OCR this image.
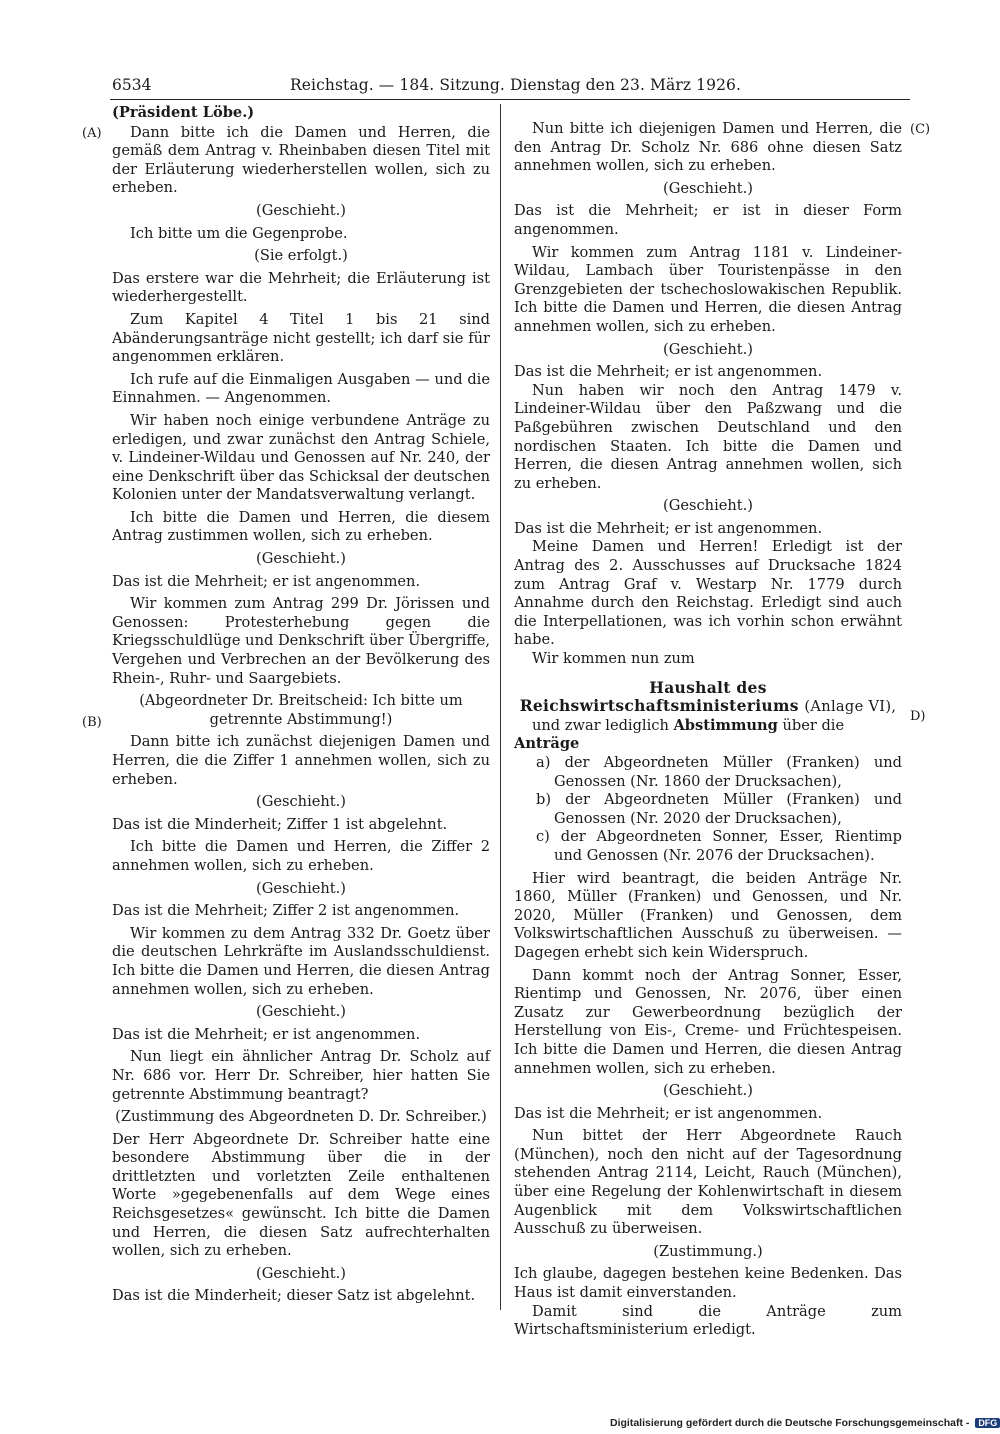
6534	Reichstag. — 184. Sitzung. Dienstag den 23. März 1926.
(A)
(B)
(C)
D)

(Präsident Löbe.)

Dann bitte ich die Damen und Herren, die gemäß dem Antrag v. Rheinbaben diesen Titel mit der Erläuterung wiederherstellen wollen, sich zu erheben.

(Geschieht.)

Ich bitte um die Gegenprobe.

(Sie erfolgt.)

Das erstere war die Mehrheit; die Erläuterung ist wiederhergestellt.

Zum Kapitel 4 Titel 1 bis 21 sind Abänderungsanträge nicht gestellt; ich darf sie für angenommen erklären.

Ich rufe auf die Einmaligen Ausgaben — und die Einnahmen. — Angenommen.

Wir haben noch einige verbundene Anträge zu erledigen, und zwar zunächst den Antrag Schiele, v. Lindeiner-Wildau und Genossen auf Nr. 240, der eine Denkschrift über das Schicksal der deutschen Kolonien unter der Mandatsverwaltung verlangt.

Ich bitte die Damen und Herren, die diesem Antrag zustimmen wollen, sich zu erheben.

(Geschieht.)

Das ist die Mehrheit; er ist angenommen.

Wir kommen zum Antrag 299 Dr. Jörissen und Genossen: Protesterhebung gegen die Kriegsschuldlüge und Denkschrift über Übergriffe, Vergehen und Verbrechen an der Bevölkerung des Rhein-, Ruhr- und Saargebiets.

(Abgeordneter Dr. Breitscheid: Ich bitte um getrennte Abstimmung!)

Dann bitte ich zunächst diejenigen Damen und Herren, die die Ziffer 1 annehmen wollen, sich zu erheben.

(Geschieht.)

Das ist die Minderheit; Ziffer 1 ist abgelehnt.

Ich bitte die Damen und Herren, die Ziffer 2 annehmen wollen, sich zu erheben.

(Geschieht.)

Das ist die Mehrheit; Ziffer 2 ist angenommen.

Wir kommen zu dem Antrag 332 Dr. Goetz über die deutschen Lehrkräfte im Auslandsschuldienst. Ich bitte die Damen und Herren, die diesen Antrag annehmen wollen, sich zu erheben.

(Geschieht.)

Das ist die Mehrheit; er ist angenommen.

Nun liegt ein ähnlicher Antrag Dr. Scholz auf Nr. 686 vor. Herr Dr. Schreiber, hier hatten Sie getrennte Abstimmung beantragt?

(Zustimmung des Abgeordneten D. Dr. Schreiber.)

Der Herr Abgeordnete Dr. Schreiber hatte eine besondere Abstimmung über die in der drittletzten und vorletzten Zeile enthaltenen Worte »gegebenenfalls auf dem Wege eines Reichsgesetzes« gewünscht. Ich bitte die Damen und Herren, die diesen Satz aufrechterhalten wollen, sich zu erheben.

(Geschieht.)

Das ist die Minderheit; dieser Satz ist abgelehnt.

Nun bitte ich diejenigen Damen und Herren, die den Antrag Dr. Scholz Nr. 686 ohne diesen Satz annehmen wollen, sich zu erheben.

(Geschieht.)

Das ist die Mehrheit; er ist in dieser Form angenommen.

Wir kommen zum Antrag 1181 v. Lindeiner-Wildau, Lambach über Touristenpässe in den Grenzgebieten der tschechoslowakischen Republik. Ich bitte die Damen und Herren, die diesen Antrag annehmen wollen, sich zu erheben.

(Geschieht.)

Das ist die Mehrheit; er ist angenommen.

Nun haben wir noch den Antrag 1479 v. Lindeiner-Wildau über den Paßzwang und die Paßgebühren zwischen Deutschland und den nordischen Staaten. Ich bitte die Damen und Herren, die diesen Antrag annehmen wollen, sich zu erheben.

(Geschieht.)

Das ist die Mehrheit; er ist angenommen.

Meine Damen und Herren! Erledigt ist der Antrag des 2. Ausschusses auf Drucksache 1824 zum Antrag Graf v. Westarp Nr. 1779 durch Annahme durch den Reichstag. Erledigt sind auch die Interpellationen, was ich vorhin schon erwähnt habe.

Wir kommen nun zum

Haushalt des Reichswirtschaftsministeriums (Anlage VI),

und zwar lediglich Abstimmung über die Anträge

a) der Abgeordneten Müller (Franken) und Genossen (Nr. 1860 der Drucksachen),

b) der Abgeordneten Müller (Franken) und Genossen (Nr. 2020 der Drucksachen),

c) der Abgeordneten Sonner, Esser, Rientimp und Genossen (Nr. 2076 der Drucksachen).

Hier wird beantragt, die beiden Anträge Nr. 1860, Müller (Franken) und Genossen, und Nr. 2020, Müller (Franken) und Genossen, dem Volkswirtschaftlichen Ausschuß zu überweisen. — Dagegen erhebt sich kein Widerspruch.

Dann kommt noch der Antrag Sonner, Esser, Rientimp und Genossen, Nr. 2076, über einen Zusatz zur Gewerbeordnung bezüglich der Herstellung von Eis-, Creme- und Früchtespeisen. Ich bitte die Damen und Herren, die diesen Antrag annehmen wollen, sich zu erheben.

(Geschieht.)

Das ist die Mehrheit; er ist angenommen.

Nun bittet der Herr Abgeordnete Rauch (München), noch den nicht auf der Tagesordnung stehenden Antrag 2114, Leicht, Rauch (München), über eine Regelung der Kohlenwirtschaft in diesem Augenblick mit dem Volkswirtschaftlichen Ausschuß zu überweisen.

(Zustimmung.)

Ich glaube, dagegen bestehen keine Bedenken. Das Haus ist damit einverstanden.

Damit sind die Anträge zum Wirtschaftsministerium erledigt.

Digitalisierung gefördert durch die Deutsche Forschungsgemeinschaft - DFG
